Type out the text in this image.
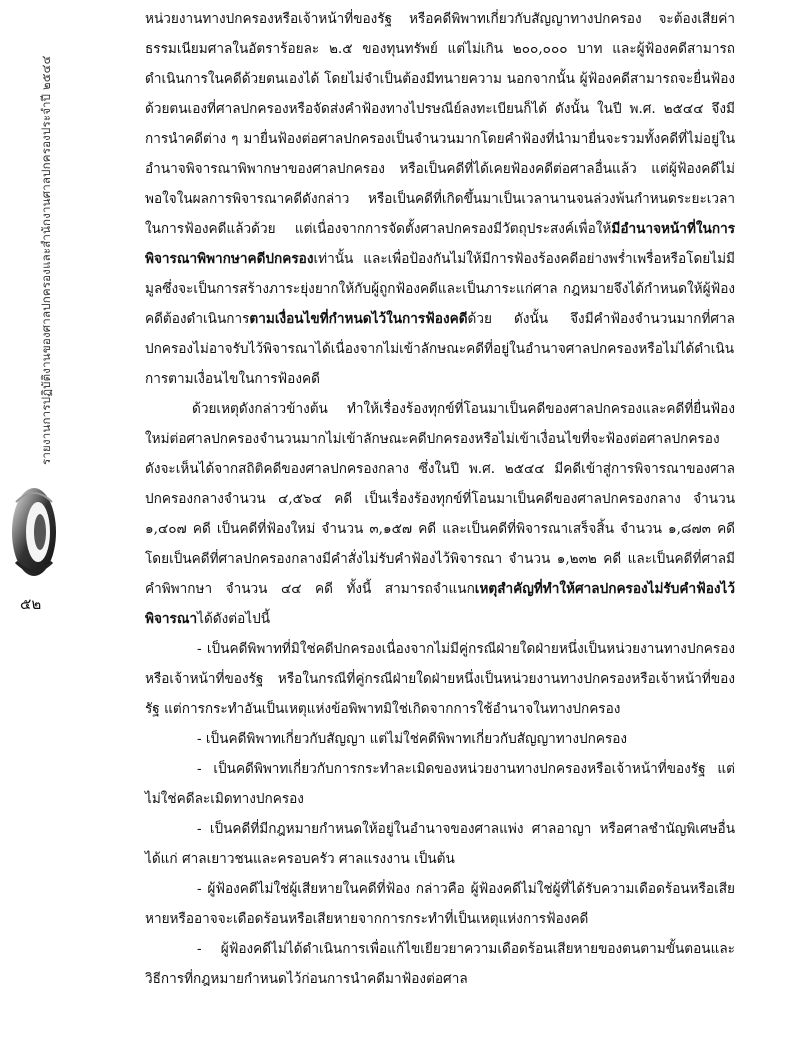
รายงานการปฏิบัติงานของศาลปกครองและสำนักงานศาลปกครองประจำปี ๒๕๔๔
๕๒

หน่วยงานทางปกครองหรือเจ้าหน้าที่ของรัฐ หรือคดีพิพาทเกี่ยวกับสัญญาทางปกครอง จะต้องเสียค่าธรรมเนียมศาลในอัตราร้อยละ ๒.๕ ของทุนทรัพย์ แต่ไม่เกิน ๒๐๐,๐๐๐ บาท และผู้ฟ้องคดีสามารถดำเนินการในคดีด้วยตนเองได้ โดยไม่จำเป็นต้องมีทนายความ นอกจากนั้น ผู้ฟ้องคดีสามารถจะยื่นฟ้องด้วยตนเองที่ศาลปกครองหรือจัดส่งคำฟ้องทางไปรษณีย์ลงทะเบียนก็ได้ ดังนั้น ในปี พ.ศ. ๒๕๔๔ จึงมีการนำคดีต่าง ๆ มายื่นฟ้องต่อศาลปกครองเป็นจำนวนมากโดยคำฟ้องที่นำมายื่นจะรวมทั้งคดีที่ไม่อยู่ในอำนาจพิจารณาพิพากษาของศาลปกครอง หรือเป็นคดีที่ได้เคยฟ้องคดีต่อศาลอื่นแล้ว แต่ผู้ฟ้องคดีไม่พอใจในผลการพิจารณาคดีดังกล่าว หรือเป็นคดีที่เกิดขึ้นมาเป็นเวลานานจนล่วงพ้นกำหนดระยะเวลาในการฟ้องคดีแล้วด้วย แต่เนื่องจากการจัดตั้งศาลปกครองมีวัตถุประสงค์เพื่อให้มีอำนาจหน้าที่ในการพิจารณาพิพากษาคดีปกครองเท่านั้น และเพื่อป้องกันไม่ให้มีการฟ้องร้องคดีอย่างพร่ำเพรื่อหรือโดยไม่มีมูลซึ่งจะเป็นการสร้างภาระยุ่งยากให้กับผู้ถูกฟ้องคดีและเป็นภาระแก่ศาล กฎหมายจึงได้กำหนดให้ผู้ฟ้องคดีต้องดำเนินการตามเงื่อนไขที่กำหนดไว้ในการฟ้องคดีด้วย ดังนั้น จึงมีคำฟ้องจำนวนมากที่ศาลปกครองไม่อาจรับไว้พิจารณาได้เนื่องจากไม่เข้าลักษณะคดีที่อยู่ในอำนาจศาลปกครองหรือไม่ได้ดำเนินการตามเงื่อนไขในการฟ้องคดี

ด้วยเหตุดังกล่าวข้างต้น ทำให้เรื่องร้องทุกข์ที่โอนมาเป็นคดีของศาลปกครองและคดีที่ยื่นฟ้องใหม่ต่อศาลปกครองจำนวนมากไม่เข้าลักษณะคดีปกครองหรือไม่เข้าเงื่อนไขที่จะฟ้องต่อศาลปกครอง ดังจะเห็นได้จากสถิติคดีของศาลปกครองกลาง ซึ่งในปี พ.ศ. ๒๕๔๔ มีคดีเข้าสู่การพิจารณาของศาลปกครองกลางจำนวน ๔,๕๖๔ คดี เป็นเรื่องร้องทุกข์ที่โอนมาเป็นคดีของศาลปกครองกลาง จำนวน ๑,๔๐๗ คดี เป็นคดีที่ฟ้องใหม่ จำนวน ๓,๑๕๗ คดี และเป็นคดีที่พิจารณาเสร็จสิ้น จำนวน ๑,๘๗๓ คดี โดยเป็นคดีที่ศาลปกครองกลางมีคำสั่งไม่รับคำฟ้องไว้พิจารณา จำนวน ๑,๒๓๒ คดี และเป็นคดีที่ศาลมีคำพิพากษา จำนวน ๔๔ คดี ทั้งนี้ สามารถจำแนกเหตุสำคัญที่ทำให้ศาลปกครองไม่รับคำฟ้องไว้พิจารณาได้ดังต่อไปนี้

- เป็นคดีพิพาทที่มิใช่คดีปกครองเนื่องจากไม่มีคู่กรณีฝ่ายใดฝ่ายหนึ่งเป็นหน่วยงานทางปกครองหรือเจ้าหน้าที่ของรัฐ หรือในกรณีที่คู่กรณีฝ่ายใดฝ่ายหนึ่งเป็นหน่วยงานทางปกครองหรือเจ้าหน้าที่ของรัฐ แต่การกระทำอันเป็นเหตุแห่งข้อพิพาทมิใช่เกิดจากการใช้อำนาจในทางปกครอง

- เป็นคดีพิพาทเกี่ยวกับสัญญา แต่ไม่ใช่คดีพิพาทเกี่ยวกับสัญญาทางปกครอง

- เป็นคดีพิพาทเกี่ยวกับการกระทำละเมิดของหน่วยงานทางปกครองหรือเจ้าหน้าที่ของรัฐ แต่ไม่ใช่คดีละเมิดทางปกครอง

- เป็นคดีที่มีกฎหมายกำหนดให้อยู่ในอำนาจของศาลแพ่ง ศาลอาญา หรือศาลชำนัญพิเศษอื่น ได้แก่ ศาลเยาวชนและครอบครัว ศาลแรงงาน เป็นต้น

- ผู้ฟ้องคดีไม่ใช่ผู้เสียหายในคดีที่ฟ้อง กล่าวคือ ผู้ฟ้องคดีไม่ใช่ผู้ที่ได้รับความเดือดร้อนหรือเสียหายหรืออาจจะเดือดร้อนหรือเสียหายจากการกระทำที่เป็นเหตุแห่งการฟ้องคดี

- ผู้ฟ้องคดีไม่ได้ดำเนินการเพื่อแก้ไขเยียวยาความเดือดร้อนเสียหายของตนตามขั้นตอนและวิธีการที่กฎหมายกำหนดไว้ก่อนการนำคดีมาฟ้องต่อศาล
